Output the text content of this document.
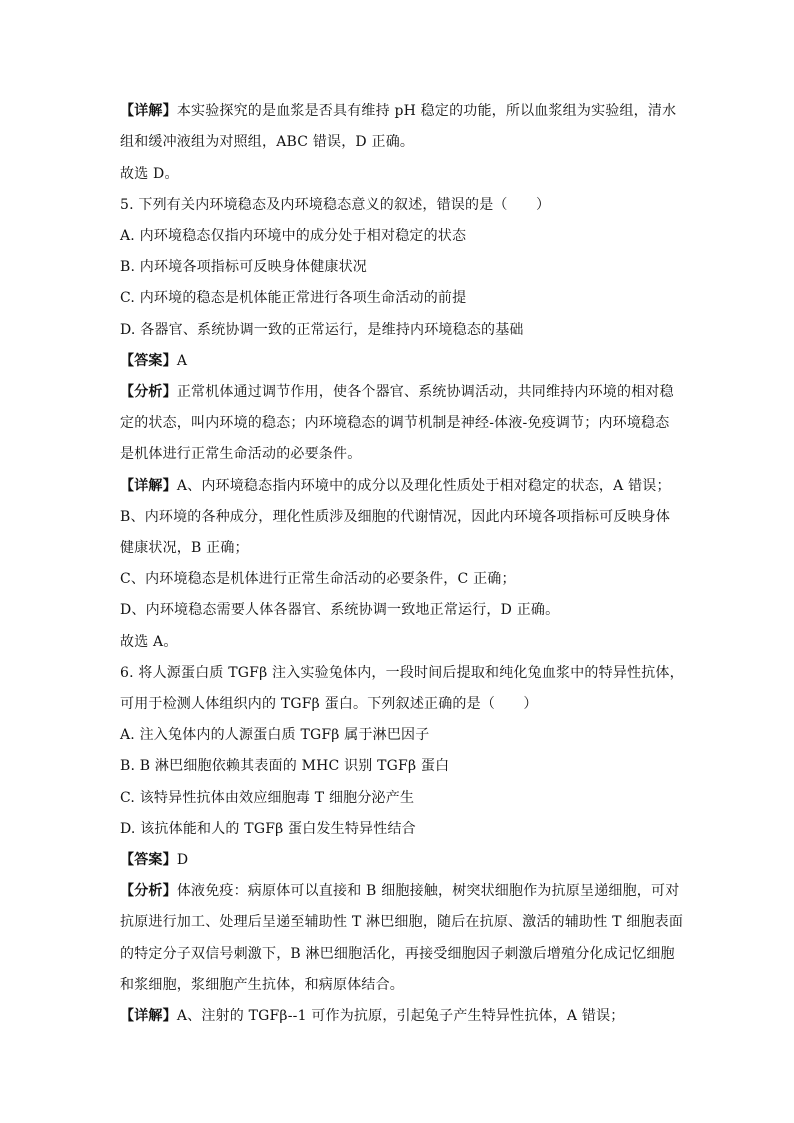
【详解】本实验探究的是血浆是否具有维持 pH 稳定的功能，所以血浆组为实验组，清水
组和缓冲液组为对照组，ABC 错误，D 正确。
故选 D。
5. 下列有关内环境稳态及内环境稳态意义的叙述，错误的是（　　）
A. 内环境稳态仅指内环境中的成分处于相对稳定的状态
B. 内环境各项指标可反映身体健康状况
C. 内环境的稳态是机体能正常进行各项生命活动的前提
D. 各器官、系统协调一致的正常运行，是维持内环境稳态的基础
【答案】A
【分析】正常机体通过调节作用，使各个器官、系统协调活动，共同维持内环境的相对稳
定的状态，叫内环境的稳态；内环境稳态的调节机制是神经-体液-免疫调节；内环境稳态
是机体进行正常生命活动的必要条件。
【详解】A、内环境稳态指内环境中的成分以及理化性质处于相对稳定的状态，A 错误；
B、内环境的各种成分，理化性质涉及细胞的代谢情况，因此内环境各项指标可反映身体
健康状况，B 正确；
C、内环境稳态是机体进行正常生命活动的必要条件，C 正确；
D、内环境稳态需要人体各器官、系统协调一致地正常运行，D 正确。
故选 A。
6. 将人源蛋白质 TGFβ 注入实验兔体内，一段时间后提取和纯化兔血浆中的特异性抗体，
可用于检测人体组织内的 TGFβ 蛋白。下列叙述正确的是（　　）
A. 注入兔体内的人源蛋白质 TGFβ 属于淋巴因子
B. B 淋巴细胞依赖其表面的 MHC 识别 TGFβ 蛋白
C. 该特异性抗体由效应细胞毒 T 细胞分泌产生
D. 该抗体能和人的 TGFβ 蛋白发生特异性结合
【答案】D
【分析】体液免疫：病原体可以直接和 B 细胞接触，树突状细胞作为抗原呈递细胞，可对
抗原进行加工、处理后呈递至辅助性 T 淋巴细胞，随后在抗原、激活的辅助性 T 细胞表面
的特定分子双信号刺激下，B 淋巴细胞活化，再接受细胞因子刺激后增殖分化成记忆细胞
和浆细胞，浆细胞产生抗体，和病原体结合。
【详解】A、注射的 TGFβ--1 可作为抗原，引起兔子产生特异性抗体，A 错误；
